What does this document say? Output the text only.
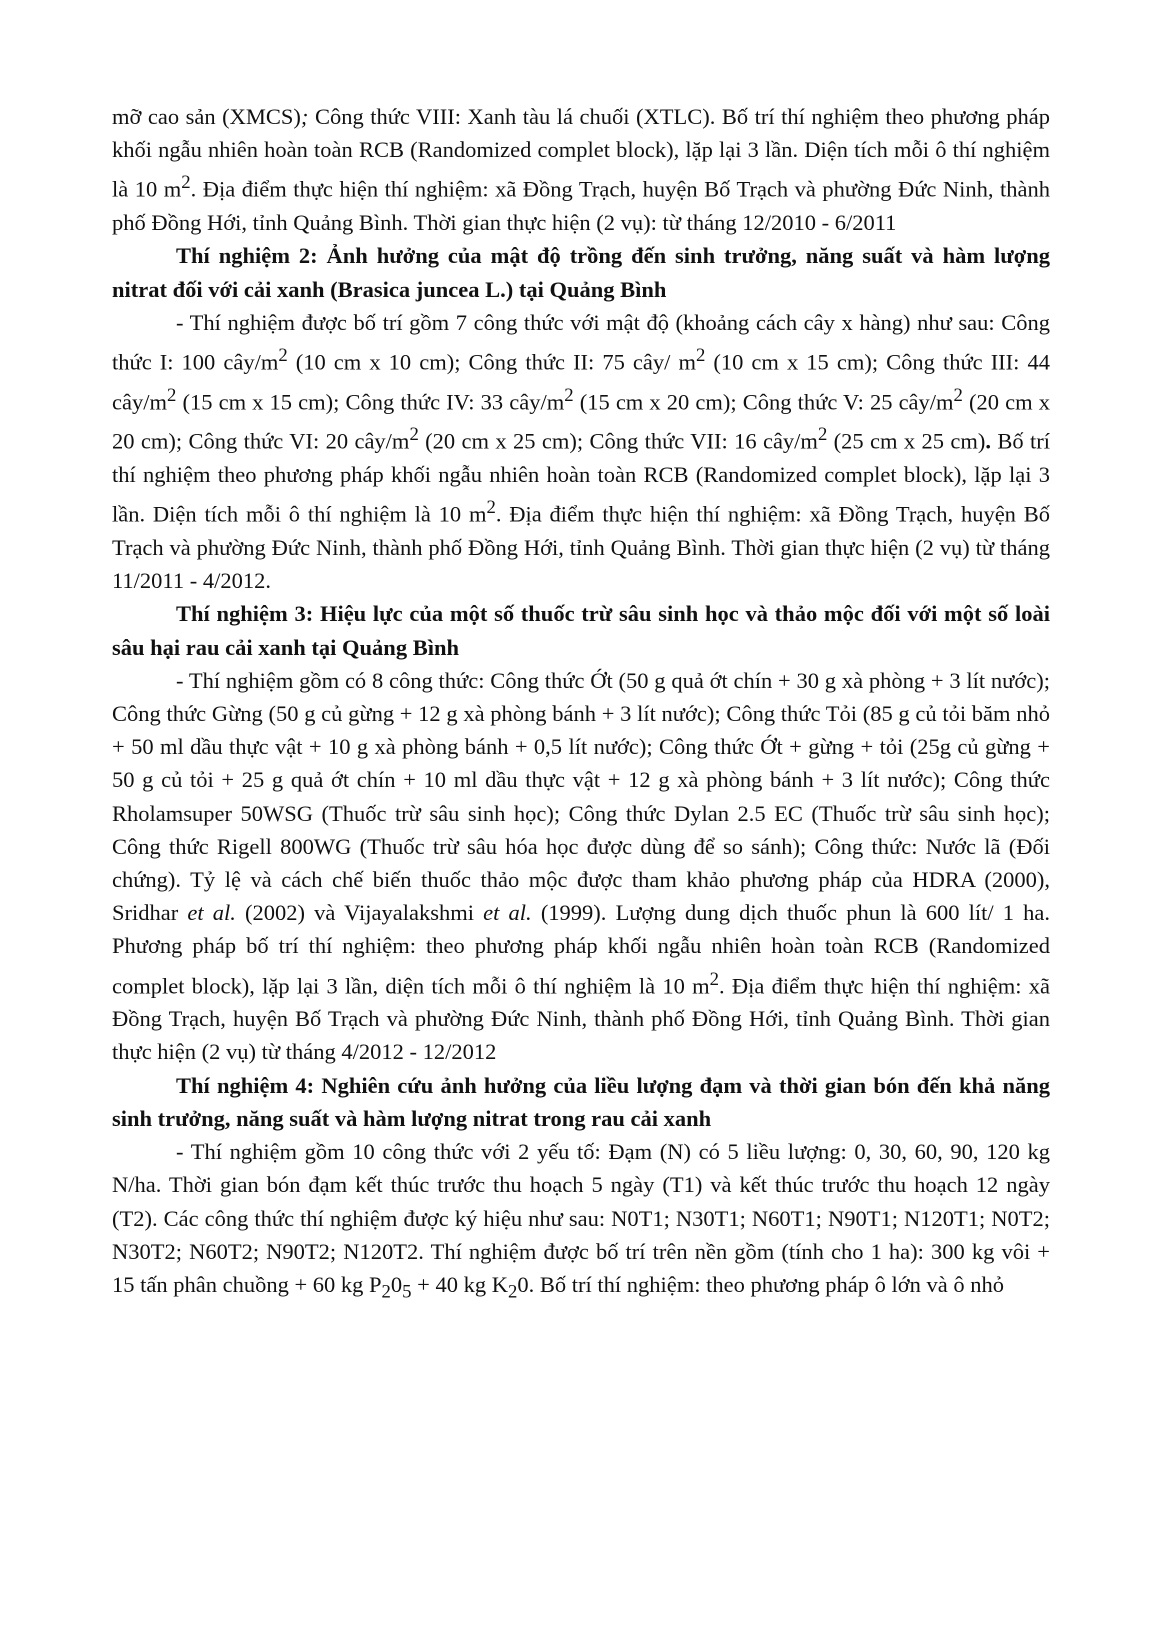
mỡ cao sản (XMCS); Công thức VIII: Xanh tàu lá chuối (XTLC). Bố trí thí nghiệm theo phương pháp khối ngẫu nhiên hoàn toàn RCB (Randomized complet block), lặp lại 3 lần. Diện tích mỗi ô thí nghiệm là 10 $m^2$. Địa điểm thực hiện thí nghiệm: xã Đồng Trạch, huyện Bố Trạch và phường Đức Ninh, thành phố Đồng Hới, tỉnh Quảng Bình. Thời gian thực hiện (2 vụ): từ tháng 12/2010 - 6/2011

Thí nghiệm 2: Ảnh hưởng của mật độ trồng đến sinh trưởng, năng suất và hàm lượng nitrat đối với cải xanh (Brasica juncea L.) tại Quảng Bình

- Thí nghiệm được bố trí gồm 7 công thức với mật độ (khoảng cách cây x hàng) như sau: Công thức I: 100 cây/$m^2$ (10 cm x 10 cm); Công thức II: 75 cây/ $m^2$ (10 cm x 15 cm); Công thức III: 44 cây/$m^2$ (15 cm x 15 cm); Công thức IV: 33 cây/$m^2$ (15 cm x 20 cm); Công thức V: 25 cây/$m^2$ (20 cm x 20 cm); Công thức VI: 20 cây/$m^2$ (20 cm x 25 cm); Công thức VII: 16 cây/$m^2$ (25 cm x 25 cm). Bố trí thí nghiệm theo phương pháp khối ngẫu nhiên hoàn toàn RCB (Randomized complet block), lặp lại 3 lần. Diện tích mỗi ô thí nghiệm là 10 $m^2$. Địa điểm thực hiện thí nghiệm: xã Đồng Trạch, huyện Bố Trạch và phường Đức Ninh, thành phố Đồng Hới, tỉnh Quảng Bình. Thời gian thực hiện (2 vụ) từ tháng 11/2011 - 4/2012.

Thí nghiệm 3: Hiệu lực của một số thuốc trừ sâu sinh học và thảo mộc đối với một số loài sâu hại rau cải xanh tại Quảng Bình

- Thí nghiệm gồm có 8 công thức: Công thức Ớt (50 g quả ớt chín + 30 g xà phòng + 3 lít nước); Công thức Gừng (50 g củ gừng + 12 g xà phòng bánh + 3 lít nước); Công thức Tỏi (85 g củ tỏi băm nhỏ + 50 ml dầu thực vật + 10 g xà phòng bánh + 0,5 lít nước); Công thức Ớt + gừng + tỏi (25g củ gừng + 50 g củ tỏi + 25 g quả ớt chín + 10 ml dầu thực vật + 12 g xà phòng bánh + 3 lít nước); Công thức Rholamsuper 50WSG (Thuốc trừ sâu sinh học); Công thức Dylan 2.5 EC (Thuốc trừ sâu sinh học); Công thức Rigell 800WG (Thuốc trừ sâu hóa học được dùng để so sánh); Công thức: Nước lã (Đối chứng). Tỷ lệ và cách chế biến thuốc thảo mộc được tham khảo phương pháp của HDRA (2000), Sridhar et al. (2002) và Vijayalakshmi et al. (1999). Lượng dung dịch thuốc phun là 600 lít/ 1 ha. Phương pháp bố trí thí nghiệm: theo phương pháp khối ngẫu nhiên hoàn toàn RCB (Randomized complet block), lặp lại 3 lần, diện tích mỗi ô thí nghiệm là 10 $m^2$. Địa điểm thực hiện thí nghiệm: xã Đồng Trạch, huyện Bố Trạch và phường Đức Ninh, thành phố Đồng Hới, tỉnh Quảng Bình. Thời gian thực hiện (2 vụ) từ tháng 4/2012 - 12/2012

Thí nghiệm 4: Nghiên cứu ảnh hưởng của liều lượng đạm và thời gian bón đến khả năng sinh trưởng, năng suất và hàm lượng nitrat trong rau cải xanh

- Thí nghiệm gồm 10 công thức với 2 yếu tố: Đạm (N) có 5 liều lượng: 0, 30, 60, 90, 120 kg N/ha. Thời gian bón đạm kết thúc trước thu hoạch 5 ngày (T1) và kết thúc trước thu hoạch 12 ngày (T2). Các công thức thí nghiệm được ký hiệu như sau: N0T1; N30T1; N60T1; N90T1; N120T1; N0T2; N30T2; N60T2; N90T2; N120T2. Thí nghiệm được bố trí trên nền gồm (tính cho 1 ha): 300 kg vôi + 15 tấn phân chuồng + 60 kg $P_20_5 + 40$ kg $K_20$. Bố trí thí nghiệm: theo phương pháp ô lớn và ô nhỏ
